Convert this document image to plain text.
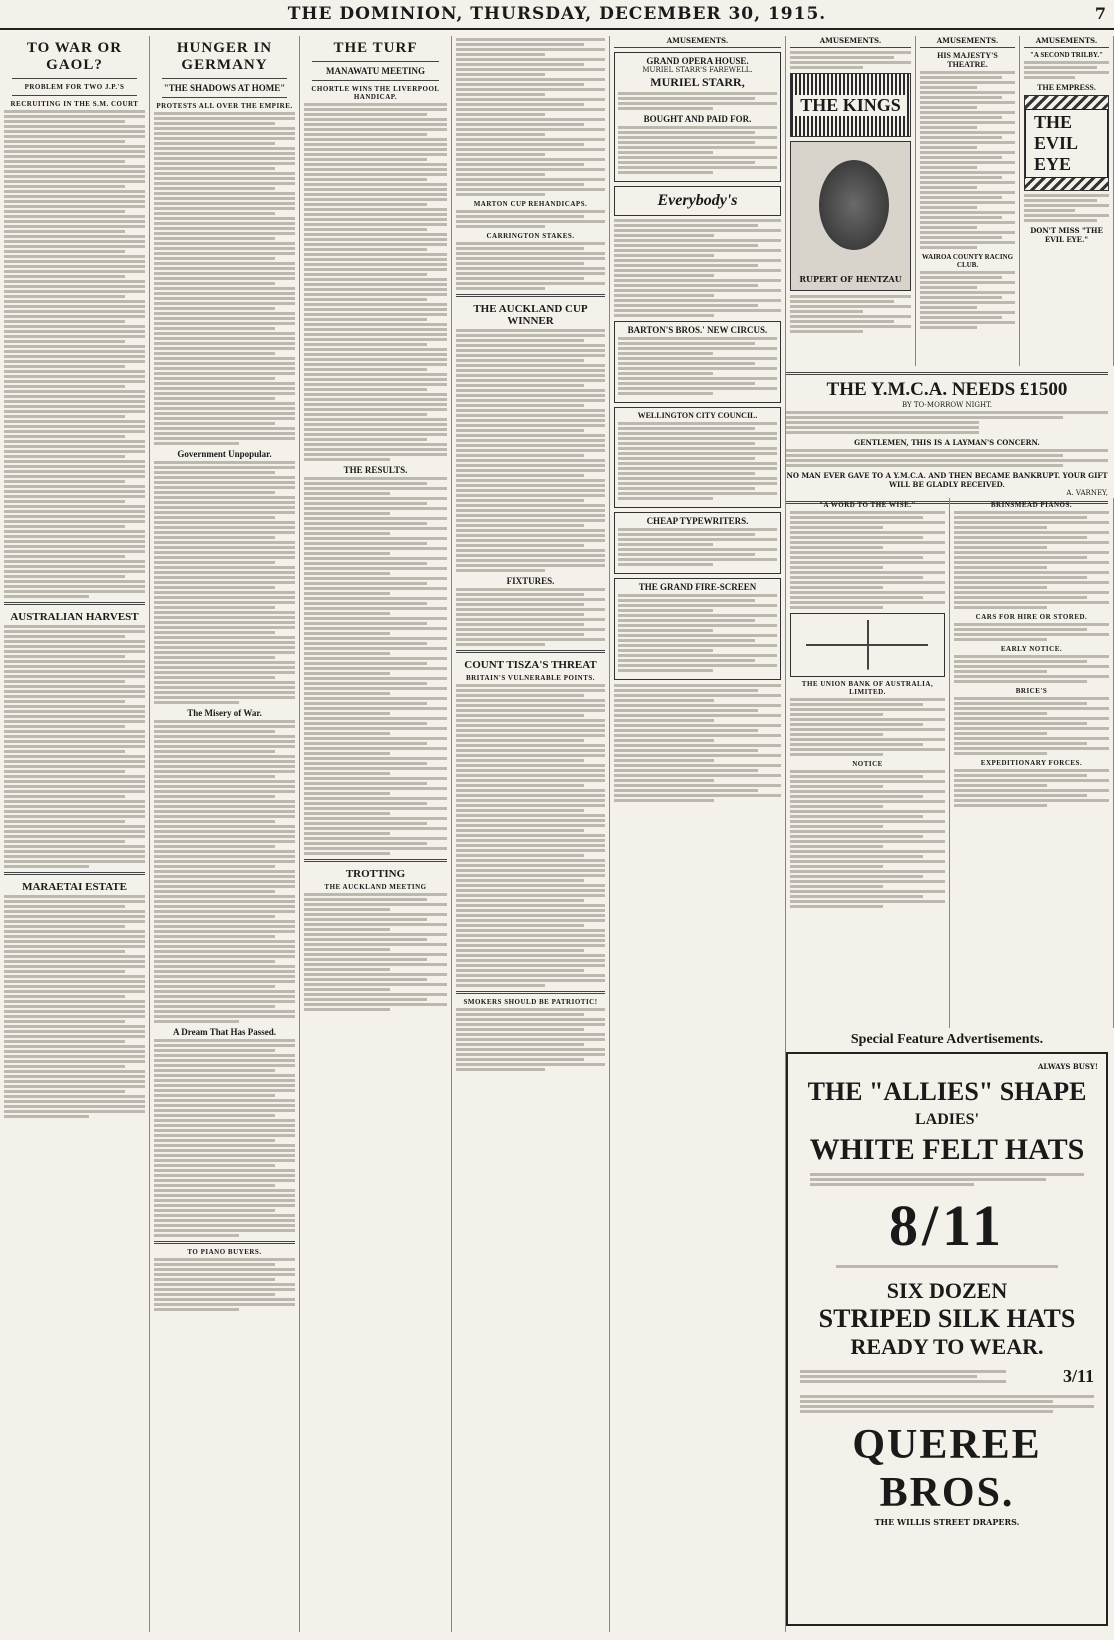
THE DOMINION, THURSDAY, DECEMBER 30, 1915.	7
TO WAR OR GAOL?
PROBLEM FOR TWO J.P.'S
RECRUITING IN THE S.M. COURT
AUSTRALIAN HARVEST
MARAETAI ESTATE
HUNGER IN GERMANY
"THE SHADOWS AT HOME"
PROTESTS ALL OVER THE EMPIRE.
Government Unpopular.
The Misery of War.
A Dream That Has Passed.
TO PIANO BUYERS.
THE TURF
MANAWATU MEETING
CHORTLE WINS THE LIVERPOOL HANDICAP.
THE RESULTS.
TROTTING
THE AUCKLAND MEETING
MARTON CUP REHANDICAPS.
CARRINGTON STAKES.
THE AUCKLAND CUP WINNER
FIXTURES.
COUNT TISZA'S THREAT
BRITAIN'S VULNERABLE POINTS.
SMOKERS SHOULD BE PATRIOTIC!
AMUSEMENTS.
GRAND OPERA HOUSE.
MURIEL STARR'S FAREWELL.
MURIEL STARR,
BOUGHT AND PAID FOR.
Everybody's
BARTON'S BROS.' NEW CIRCUS.
WELLINGTON CITY COUNCIL.
CHEAP TYPEWRITERS.
THE GRAND FIRE-SCREEN
AMUSEMENTS.
THE KINGS
RUPERT OF HENTZAU
AMUSEMENTS.
HIS MAJESTY'S THEATRE.
WAIROA COUNTY RACING CLUB.
AMUSEMENTS.
"A SECOND TRILBY."
THE EMPRESS.
THE EVIL EYE
DON'T MISS "THE EVIL EYE."
THE Y.M.C.A. NEEDS £1500
BY TO-MORROW NIGHT.
GENTLEMEN, THIS IS A LAYMAN'S CONCERN.
NO MAN EVER GAVE TO A Y.M.C.A. AND THEN BECAME BANKRUPT. YOUR GIFT WILL BE GLADLY RECEIVED.
A. VARNEY,
"A WORD TO THE WISE."
THE UNION BANK OF AUSTRALIA, LIMITED.
NOTICE
BRINSMEAD PIANOS.
CARS FOR HIRE OR STORED.
EARLY NOTICE.
BRICE'S
EXPEDITIONARY FORCES.
Special Feature Advertisements.
ALWAYS BUSY!
THE "ALLIES" SHAPE
LADIES'
WHITE FELT HATS
8/11
SIX DOZEN
STRIPED SILK HATS
READY TO WEAR.
3/11
QUEREE BROS.
THE WILLIS STREET DRAPERS.
